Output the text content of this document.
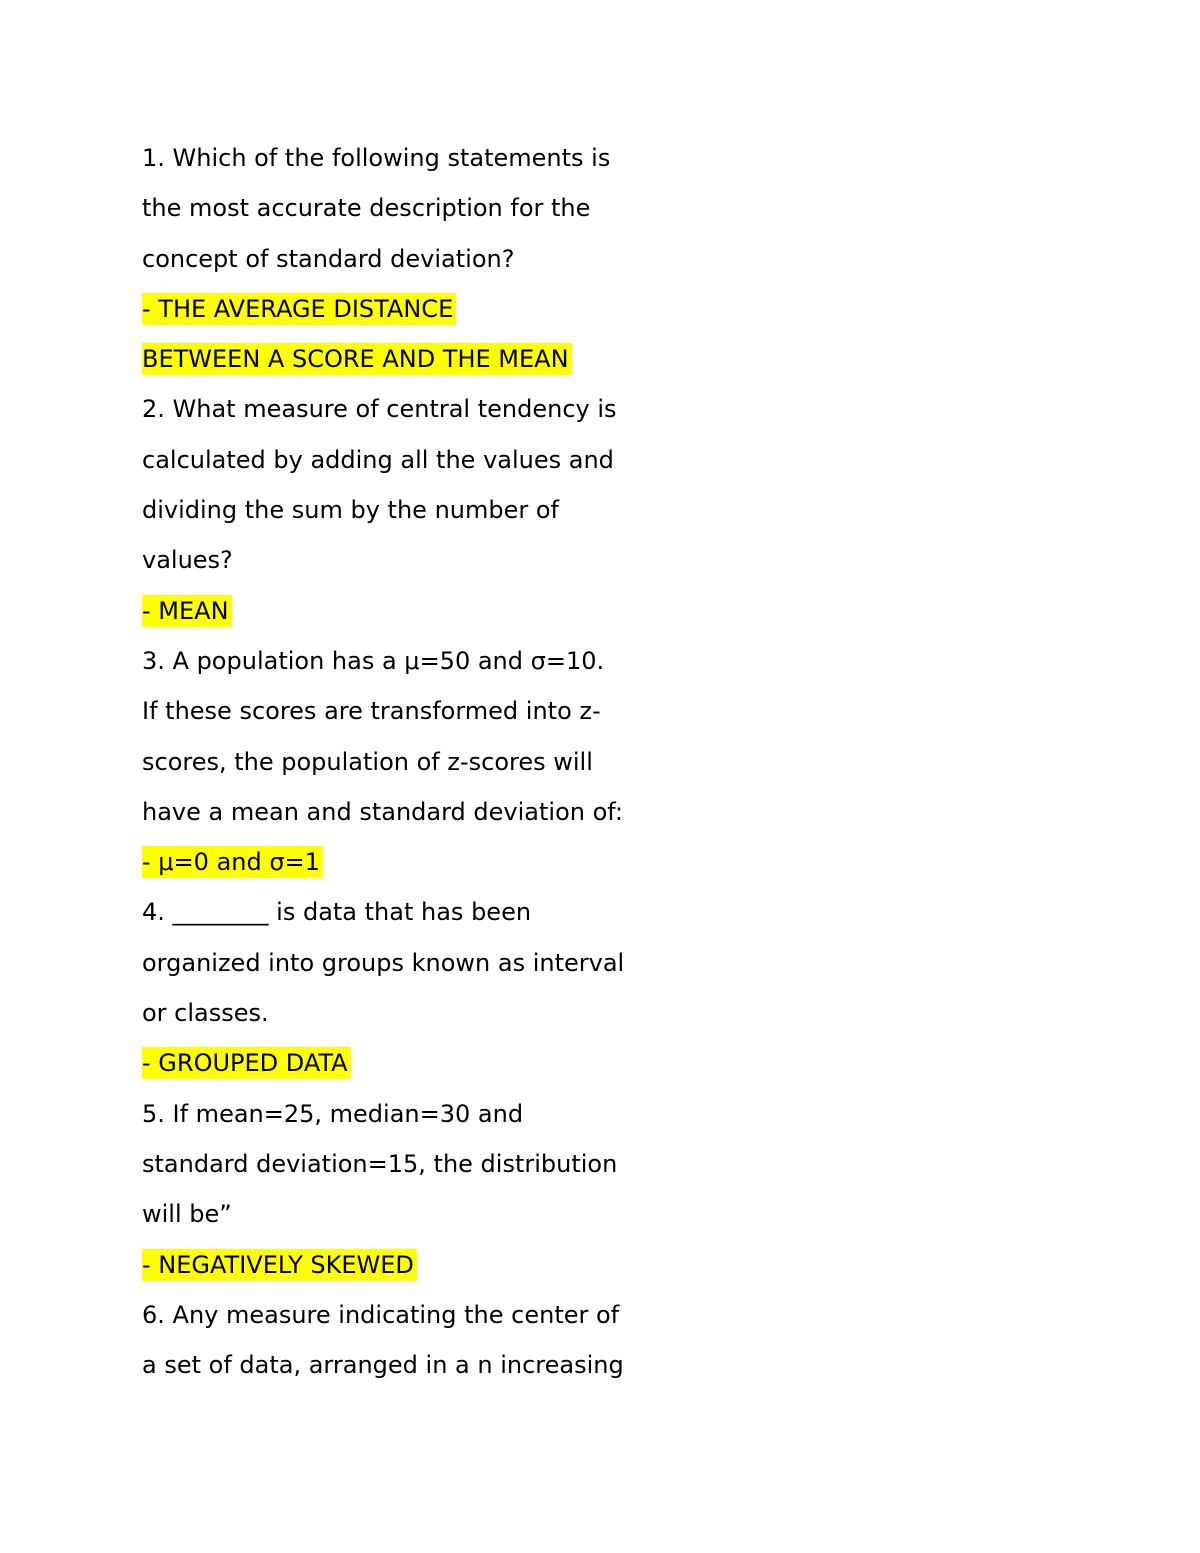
1. Which of the following statements is
the most accurate description for the
concept of standard deviation?
- THE AVERAGE DISTANCE
BETWEEN A SCORE AND THE MEAN
2. What measure of central tendency is
calculated by adding all the values and
dividing the sum by the number of
values?
- MEAN
3. A population has a μ=50 and σ=10.
If these scores are transformed into z-
scores, the population of z-scores will
have a mean and standard deviation of:
- μ=0 and σ=1
4. ________ is data that has been
organized into groups known as interval
or classes.
- GROUPED DATA
5. If mean=25, median=30 and
standard deviation=15, the distribution
will be”
- NEGATIVELY SKEWED
6. Any measure indicating the center of
a set of data, arranged in a n increasing
